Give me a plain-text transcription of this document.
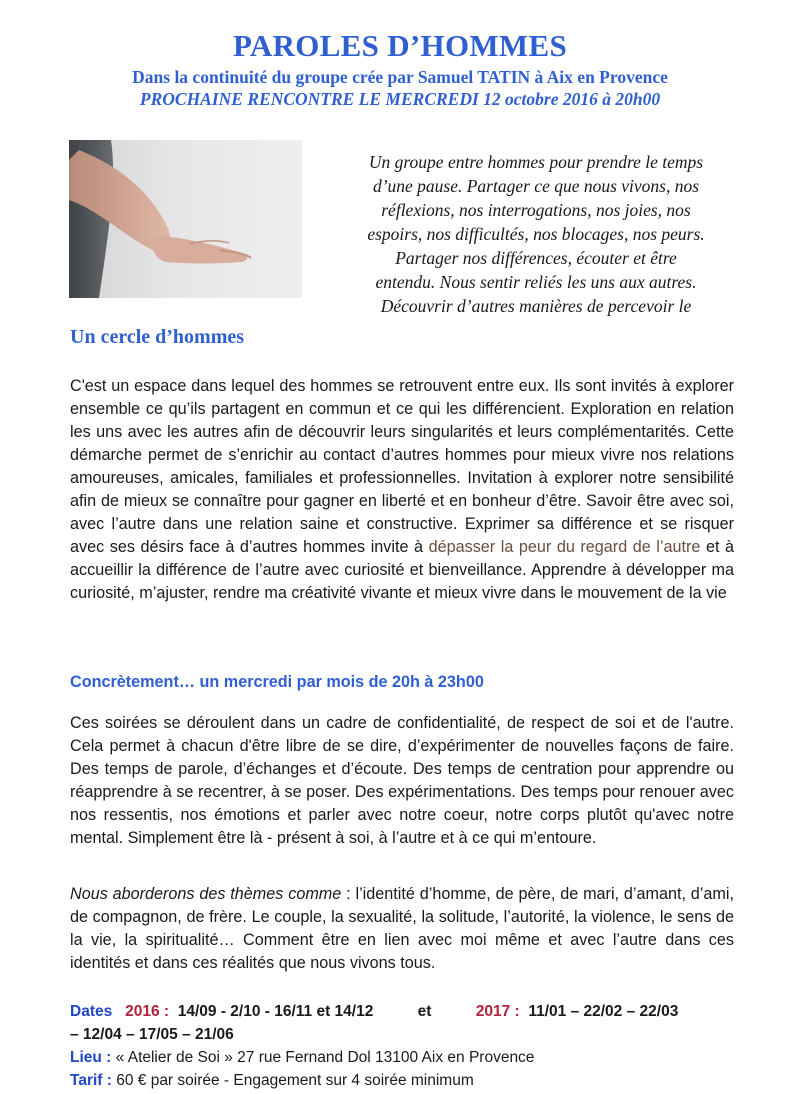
PAROLES D’HOMMES

Dans la continuité du groupe crée par Samuel TATIN à Aix en Provence

PROCHAINE RENCONTRE LE MERCREDI 12 octobre 2016 à 20h00

Un groupe entre hommes pour prendre le temps
d’une pause. Partager ce que nous vivons, nos
réflexions, nos interrogations, nos joies, nos
espoirs, nos difficultés, nos blocages, nos peurs.
Partager nos différences, écouter et être
entendu. Nous sentir reliés les uns aux autres.
Découvrir d’autres manières de percevoir le
Un cercle d’hommes

C'est un espace dans lequel des hommes se retrouvent entre eux. Ils sont invités à explorer ensemble ce qu’ils partagent en commun et ce qui les différencient. Exploration en relation les uns avec les autres afin de découvrir leurs singularités et leurs complémentarités. Cette démarche permet de s’enrichir au contact d’autres hommes pour mieux vivre nos relations amoureuses, amicales, familiales et professionnelles. Invitation à explorer notre sensibilité afin de mieux se connaître pour gagner en liberté et en bonheur d’être. Savoir être avec soi, avec l’autre dans une relation saine et constructive. Exprimer sa différence et se risquer avec ses désirs face à d’autres hommes invite à dépasser la peur du regard de l’autre et à accueillir la différence de l’autre avec curiosité et bienveillance. Apprendre à développer ma curiosité, m’ajuster, rendre ma créativité vivante et mieux vivre dans le mouvement de la vie

Concrètement… un mercredi par mois de 20h à 23h00

Ces soirées se déroulent dans un cadre de confidentialité, de respect de soi et de l'autre. Cela permet à chacun d'être libre de se dire, d’expérimenter de nouvelles façons de faire. Des temps de parole, d’échanges et d’écoute. Des temps de centration pour apprendre ou réapprendre à se recentrer, à se poser. Des expérimentations. Des temps pour renouer avec nos ressentis, nos émotions et parler avec notre coeur, notre corps plutôt qu'avec notre mental. Simplement être là - présent à soi, à l’autre et à ce qui m’entoure.

Nous aborderons des thèmes comme : l’identité d’homme, de père, de mari, d’amant, d’ami, de compagnon, de frère. Le couple, la sexualité, la solitude, l’autorité, la violence, le sens de la vie, la spiritualité… Comment être en lien avec moi même et avec l’autre dans ces identités et dans ces réalités que nous vivons tous.

Dates 2016 : 14/09 - 2/10 - 16/11 et 14/12	et	2017 : 11/01 – 22/02 – 22/03
– 12/04 – 17/05 – 21/06
Lieu : « Atelier de Soi » 27 rue Fernand Dol 13100 Aix en Provence
Tarif : 60 € par soirée - Engagement sur 4 soirée minimum
